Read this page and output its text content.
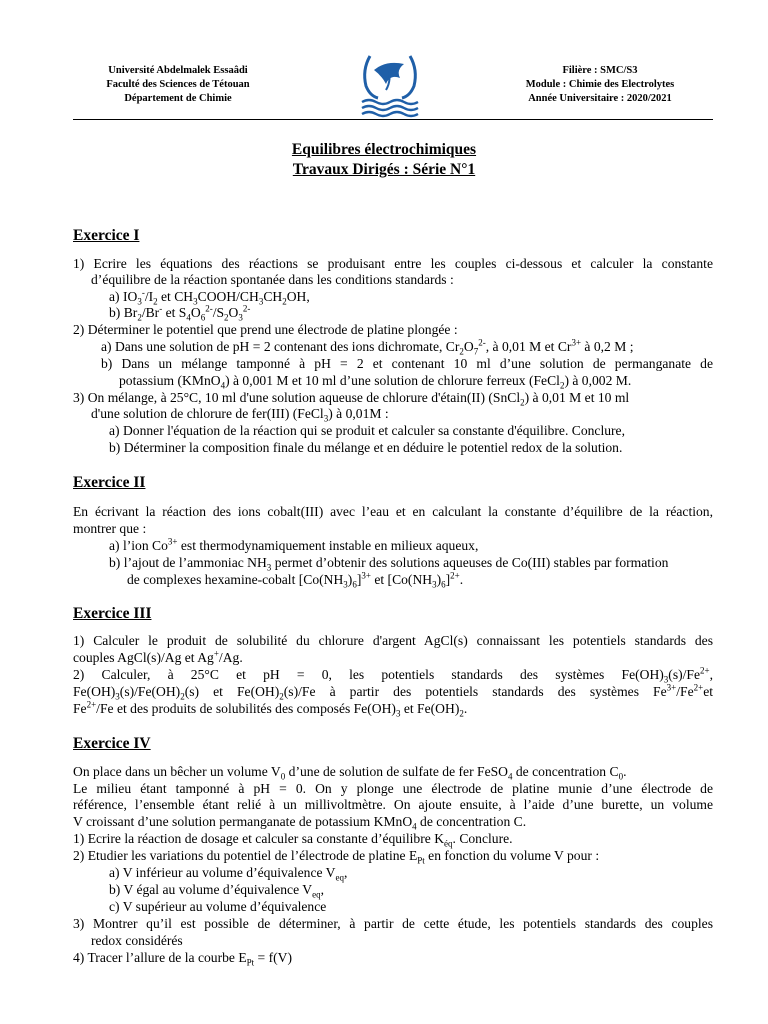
Université Abdelmalek Essaâdi
Faculté des Sciences de Tétouan
Département de Chimie
Filière : SMC/S3
Module : Chimie des Electrolytes
Année Universitaire : 2020/2021
Equilibres électrochimiques
Travaux Dirigés : Série N°1
Exercice I
1) Ecrire les équations des réactions se produisant entre les couples ci-dessous et calculer la constante
d’équilibre de la réaction spontanée dans les conditions standards :
a) $IO_3^-/I_2$ et $CH_3COOH/CH_3CH_2OH$,
b) $Br_2/Br^-$ et $S_4O_6^{2-}/S_2O_3^{2-}$
2) Déterminer le potentiel que prend une électrode de platine plongée :
a) Dans une solution de pH = 2 contenant des ions dichromate, $Cr_2O_7^{2-}$, à 0,01 M et $Cr^{3+}$ à 0,2 M ;
b) Dans un mélange tamponné à pH = 2 et contenant 10 ml d’une solution de permanganate de
potassium (KMnO$_4$) à 0,001 M et 10 ml d’une solution de chlorure ferreux (FeCl$_2$) à 0,002 M.
3) On mélange, à 25°C, 10 ml d'une solution aqueuse de chlorure d'étain(II) (SnCl$_2$) à 0,01 M et 10 ml
d'une solution de chlorure de fer(III) (FeCl$_3$) à 0,01M :
a) Donner l'équation de la réaction qui se produit et calculer sa constante d'équilibre. Conclure,
b) Déterminer la composition finale du mélange et en déduire le potentiel redox de la solution.
Exercice II
En écrivant la réaction des ions cobalt(III) avec l’eau et en calculant la constante d’équilibre de la réaction,
montrer que :
a) l’ion $Co^{3+}$ est thermodynamiquement instable en milieux aqueux,
b) l’ajout de l’ammoniac $NH_3$ permet d’obtenir des solutions aqueuses de Co(III) stables par formation
de complexes hexamine-cobalt $[Co(NH_3)_6]^{3+}$ et $[Co(NH_3)_6]^{2+}$.
Exercice III
1) Calculer le produit de solubilité du chlorure d'argent AgCl(s) connaissant les potentiels standards des
couples AgCl(s)/Ag et Ag+/Ag.
2) Calculer, à 25°C et pH = 0, les potentiels standards des systèmes $Fe(OH)_3(s)/Fe^{2+}$,
$Fe(OH)_3(s)/Fe(OH)_2(s)$ et $Fe(OH)_2(s)/Fe$ à partir des potentiels standards des systèmes $Fe^{3+}/Fe^{2+}et$
$Fe^{2+}/Fe$ et des produits de solubilités des composés $Fe(OH)_3$ et $Fe(OH)_2$.
Exercice IV
On place dans un bêcher un volume $V_0$ d’une de solution de sulfate de fer FeSO$_4$ de concentration $C_0$.
Le milieu étant tamponné à pH = 0. On y plonge une électrode de platine munie d’une électrode de
référence, l’ensemble étant relié à un millivoltmètre. On ajoute ensuite, à l’aide d’une burette, un volume
V croissant d’une solution permanganate de potassium KMnO$_4$ de concentration C.
1) Ecrire la réaction de dosage et calculer sa constante d’équilibre $K_{éq}$. Conclure.
2) Etudier les variations du potentiel de l’électrode de platine $E_{Pt}$ en fonction du volume V pour :
a) V inférieur au volume d’équivalence $V_{eq}$,
b) V égal au volume d’équivalence $V_{eq}$,
c) V supérieur au volume d’équivalence
3) Montrer qu’il est possible de déterminer, à partir de cette étude, les potentiels standards des couples
redox considérés
4) Tracer l’allure de la courbe $E_{Pt} = f(V)$
